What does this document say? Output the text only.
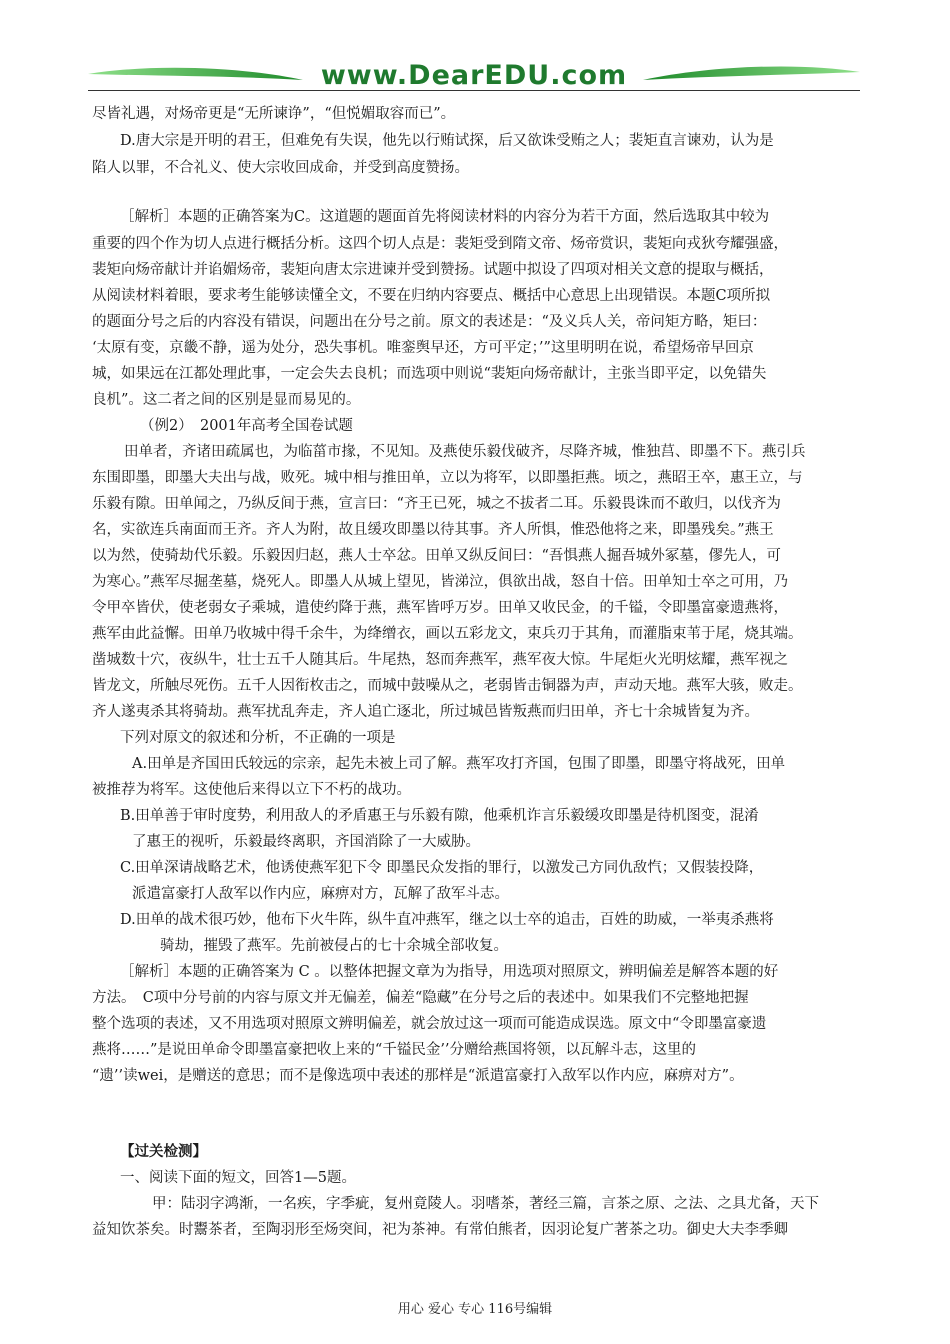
www.DearEDU.com
尽皆礼遇，对炀帝更是“无所谏诤”，“但悦媚取容而已”。
D.唐大宗是开明的君王，但难免有失误，他先以行贿试探，后又欲诛受贿之人；裴矩直言谏劝，认为是
陷人以罪，不合礼义、使大宗收回成命，并受到高度赞扬。
［解析］本题的正确答案为C。这道题的题面首先将阅读材料的内容分为若干方面，然后选取其中较为
重要的四个作为切人点进行概括分析。这四个切人点是：裴矩受到隋文帝、炀帝赏识，裴矩向戎狄夸耀强盛，
裴矩向炀帝献计并谄媚炀帝，裴矩向唐太宗进谏并受到赞扬。试题中拟设了四项对相关文意的提取与概括，
从阅读材料着眼，要求考生能够读懂全文，不要在归纳内容要点、概括中心意思上出现错误。本题C项所拟
的题面分号之后的内容没有错误，问题出在分号之前。原文的表述是：“及义兵人关，帝问矩方略，矩曰：
‘太原有变，京畿不静，遥为处分，恐失事机。唯銮舆早还，方可平定；’”这里明明在说，希望炀帝早回京
城，如果远在江都处理此事，一定会失去良机；而选项中则说“裴矩向炀帝献计，主张当即平定，以免错失
良机”。这二者之间的区别是显而易见的。
（例2）　2001年高考全国卷试题
田单者，齐诸田疏属也，为临菑市掾，不见知。及燕使乐毅伐破齐，尽降齐城，惟独莒、即墨不下。燕引兵
东围即墨，即墨大夫出与战，败死。城中相与推田单，立以为将军，以即墨拒燕。顷之，燕昭王卒，惠王立，与
乐毅有隙。田单闻之，乃纵反间于燕，宣言曰：“齐王已死，城之不拔者二耳。乐毅畏诛而不敢归，以伐齐为
名，实欲连兵南面而王齐。齐人为附，故且缓攻即墨以待其事。齐人所惧，惟恐他将之来，即墨残矣。”燕王
以为然，使骑劫代乐毅。乐毅因归赵，燕人士卒忿。田单又纵反间曰：“吾惧燕人掘吾城外冢墓，僇先人，可
为寒心。”燕军尽掘垄墓，烧死人。即墨人从城上望见，皆涕泣，俱欲出战，怒自十倍。田单知士卒之可用，乃
令甲卒皆伏，使老弱女子乘城，遣使约降于燕，燕军皆呼万岁。田单又收民金，的千镒，令即墨富豪遗燕将，
燕军由此益懈。田单乃收城中得千余牛，为绛缯衣，画以五彩龙文，束兵刃于其角，而灌脂束苇于尾，烧其端。
凿城数十穴，夜纵牛，壮士五千人随其后。牛尾热，怒而奔燕军，燕军夜大惊。牛尾炬火光明炫耀，燕军视之
皆龙文，所触尽死伤。五千人因衔枚击之，而城中鼓噪从之，老弱皆击铜器为声，声动天地。燕军大骇，败走。
齐人遂夷杀其将骑劫。燕军扰乱奔走，齐人追亡逐北，所过城邑皆叛燕而归田单，齐七十余城皆复为齐。
下列对原文的叙述和分析，不正确的一项是
A.田单是齐国田氏较远的宗亲，起先未被上司了解。燕军攻打齐国，包围了即墨，即墨守将战死，田单
被推荐为将军。这使他后来得以立下不朽的战功。
B.田单善于审时度势，利用敌人的矛盾惠王与乐毅有隙，他乘机诈言乐毅缓攻即墨是待机图变，混淆
了惠王的视听，乐毅最终离职，齐国消除了一大威胁。
C.田单深请战略艺术，他诱使燕军犯下令 即墨民众发指的罪行，以激发己方同仇敌忾；又假装投降，
派遣富豪打人敌军以作内应，麻痹对方，瓦解了敌军斗志。
D.田单的战术很巧妙，他布下火牛阵，纵牛直冲燕军，继之以士卒的追击，百姓的助威，一举夷杀燕将
骑劫，摧毁了燕军。先前被侵占的七十余城全部收复。
［解析］本题的正确答案为 C 。以整体把握文章为为指导，用选项对照原文，辨明偏差是解答本题的好
方法。　C项中分号前的内容与原文并无偏差，偏差“隐藏”在分号之后的表述中。如果我们不完整地把握
整个选项的表述，又不用选项对照原文辨明偏差，就会放过这一项而可能造成误选。原文中“令即墨富豪遗
燕将……”是说田单命令即墨富豪把收上来的“千镒民金’’分赠给燕国将领，以瓦解斗志，这里的
“遗’’读wei，是赠送的意思；而不是像选项中表述的那样是“派遣富豪打入敌军以作内应，麻痹对方”。
【过关检测】
一、阅读下面的短文，回答1—5题。
甲：陆羽字鸿渐，一名疾，字季疵，复州竟陵人。羽嗜茶，著经三篇，言茶之原、之法、之具尤备，天下
益知饮茶矣。时鬻茶者，至陶羽形至炀突间，祀为茶神。有常伯熊者，因羽论复广著茶之功。御史大夫李季卿
用心 爱心 专心 116号编辑
